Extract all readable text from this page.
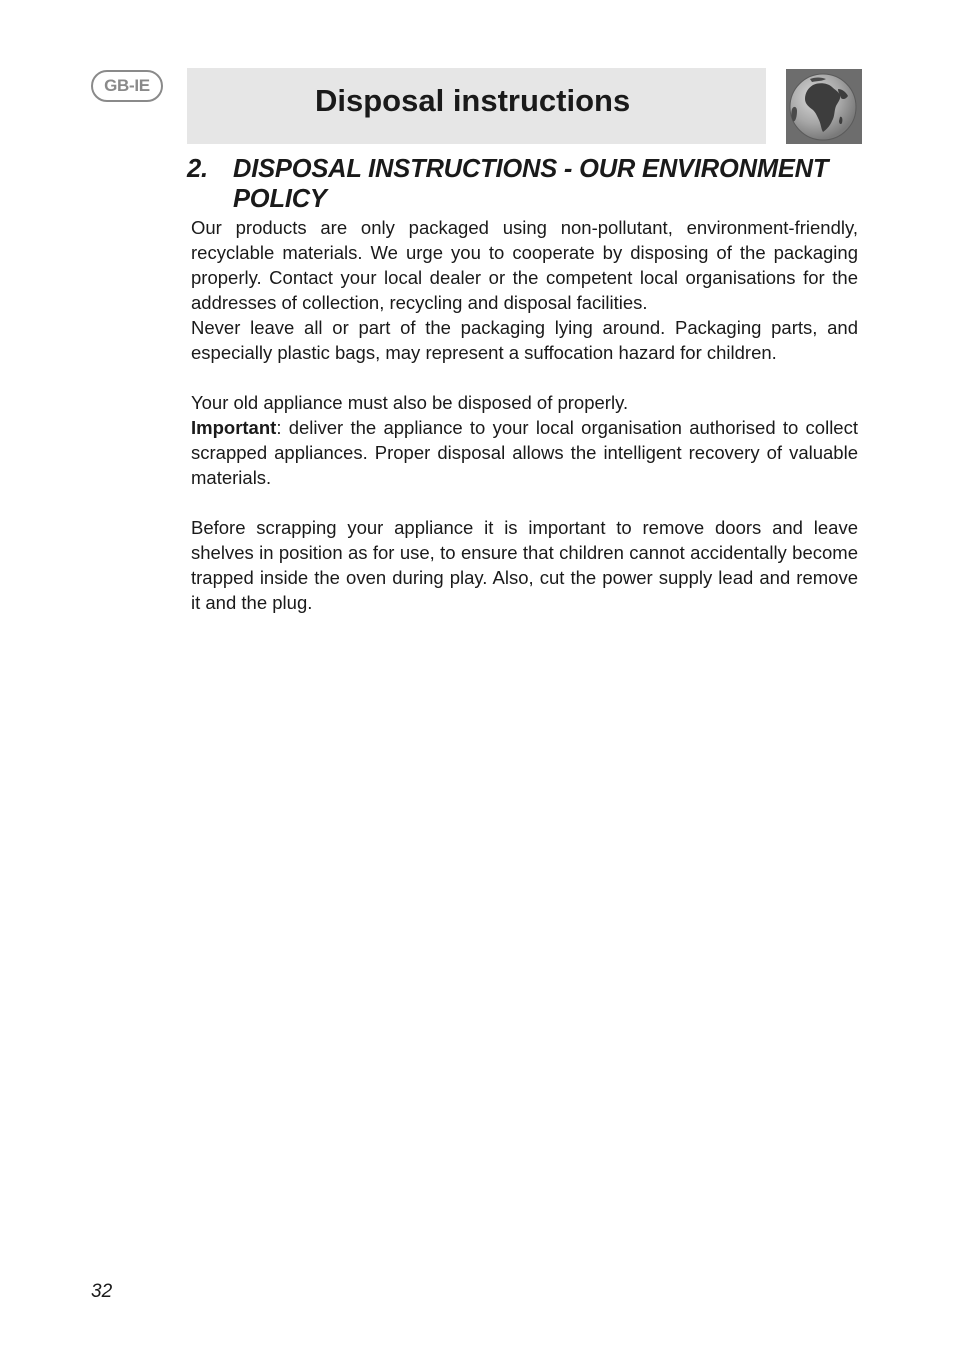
GB-IE	Disposal instructions
2. DISPOSAL INSTRUCTIONS - OUR ENVIRONMENT POLICY

Our products are only packaged using non-pollutant, environment-friendly, recyclable materials. We urge you to cooperate by disposing of the packaging properly. Contact your local dealer or the competent local organisations for the addresses of collection, recycling and disposal facilities.

Never leave all or part of the packaging lying around. Packaging parts, and especially plastic bags, may represent a suffocation hazard for children.

Your old appliance must also be disposed of properly.

Important: deliver the appliance to your local organisation authorised to collect scrapped appliances. Proper disposal allows the intelligent recovery of valuable materials.

Before scrapping your appliance it is important to remove doors and leave shelves in position as for use, to ensure that children cannot accidentally become trapped inside the oven during play. Also, cut the power supply lead and remove it and the plug.

32
